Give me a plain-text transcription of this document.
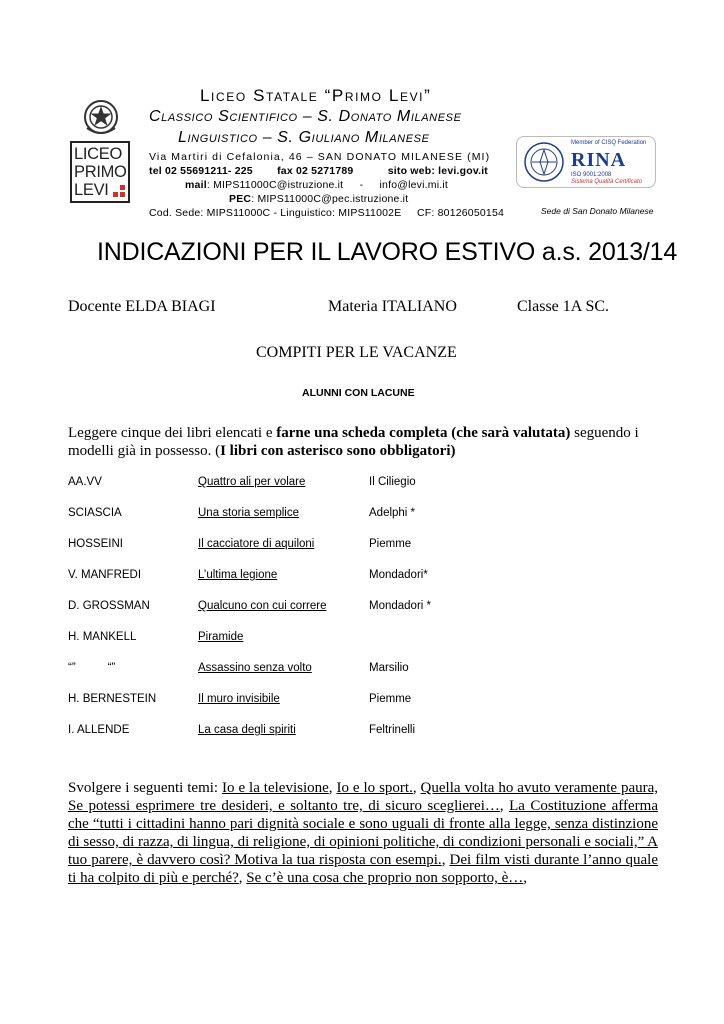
LICEO
PRIMO
LEVI
Liceo Statale “Primo Levi”
Classico Scientifico – S. Donato Milanese
Linguistico – S. Giuliano Milanese
Via Martiri di Cefalonia, 46 – SAN DONATO MILANESE (MI)
tel 02 55691211- 225 fax 02 5271789	sito web: levi.gov.it
mail: MIPS11000C@istruzione.it - info@levi.mi.it
PEC: MIPS11000C@pec.istruzione.it
Cod. Sede: MIPS11000C - Linguistico: MIPS11002E     CF: 80126050154
Member of CISQ Federation
RINA
ISO 9001:2008
Sistema Qualità Certificato
Sede di San Donato Milanese
INDICAZIONI PER IL LAVORO ESTIVO a.s. 2013/14
Docente ELDA BIAGI	Materia ITALIANO	Classe 1A SC.
COMPITI PER LE VACANZE
ALUNNI CON LACUNE
Leggere cinque dei libri elencati e farne una scheda completa (che sarà valutata) seguendo i modelli già in possesso. (I libri con asterisco sono obbligatori)
AA.VV	Quattro ali per volare	Il Ciliegio
SCIASCIA	Una storia semplice	Adelphi *
HOSSEINI	Il cacciatore di aquiloni	Piemme
V. MANFREDI	L’ultima legione	Mondadori*
D. GROSSMAN	Qualcuno con cui correre	Mondadori *
H. MANKELL	Piramide
“”          “”	Assassino senza volto	Marsilio
H. BERNESTEIN	Il muro invisibile	Piemme
I. ALLENDE	La casa degli spiriti	Feltrinelli
Svolgere i seguenti temi: Io e la televisione, Io e lo sport., Quella volta ho avuto veramente paura, Se potessi esprimere tre desideri, e soltanto tre, di sicuro sceglierei…, La Costituzione afferma che “tutti i cittadini hanno pari dignità sociale e sono uguali di fronte alla legge, senza distinzione di sesso, di razza, di lingua, di religione, di opinioni politiche, di condizioni personali e sociali,” A tuo parere, è davvero così? Motiva la tua risposta con esempi., Dei film visti durante l’anno quale ti ha colpito di più e perché?, Se c’è una cosa che proprio non sopporto, è…,
